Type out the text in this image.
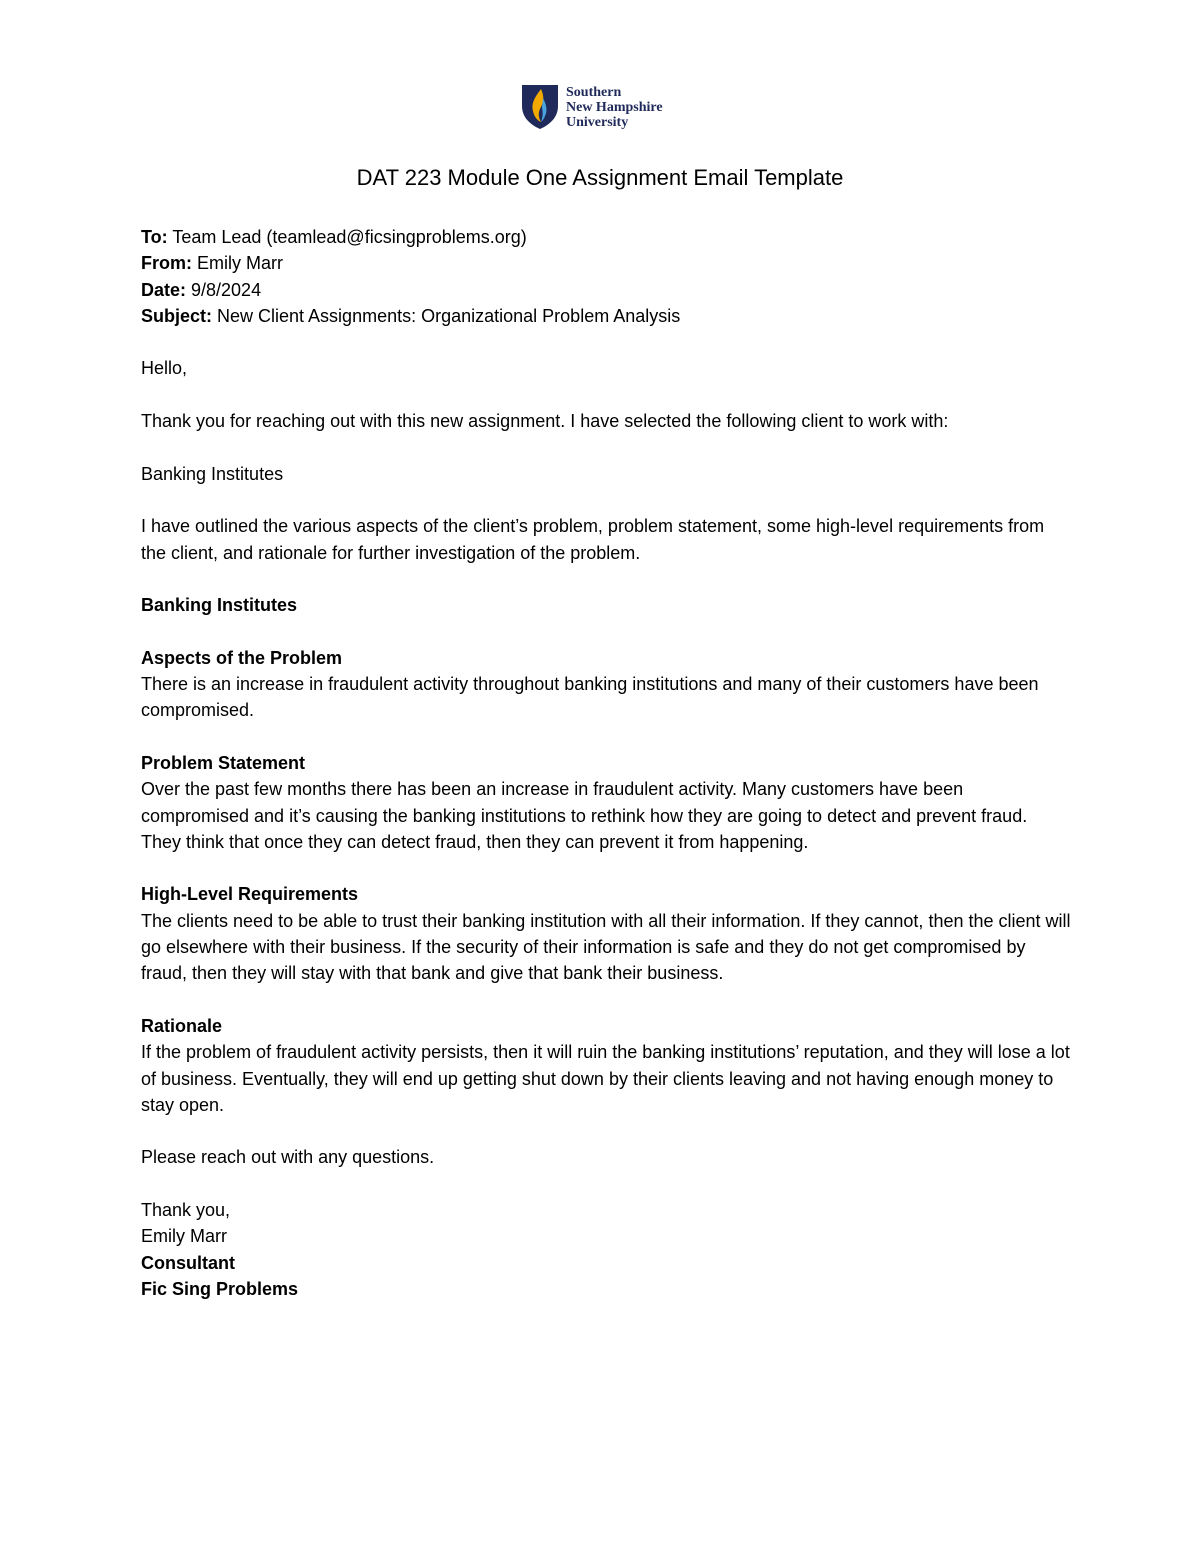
Southern
New Hampshire
University
DAT 223 Module One Assignment Email Template

To: Team Lead (teamlead@ficsingproblems.org)

From: Emily Marr

Date: 9/8/2024

Subject: New Client Assignments: Organizational Problem Analysis

Hello,

Thank you for reaching out with this new assignment. I have selected the following client to work with:

Banking Institutes

I have outlined the various aspects of the client’s problem, problem statement, some high-level requirements from the client, and rationale for further investigation of the problem.

Banking Institutes

Aspects of the Problem

There is an increase in fraudulent activity throughout banking institutions and many of their customers have been compromised.

Problem Statement

Over the past few months there has been an increase in fraudulent activity. Many customers have been compromised and it’s causing the banking institutions to rethink how they are going to detect and prevent fraud. They think that once they can detect fraud, then they can prevent it from happening.

High-Level Requirements

The clients need to be able to trust their banking institution with all their information. If they cannot, then the client will go elsewhere with their business. If the security of their information is safe and they do not get compromised by fraud, then they will stay with that bank and give that bank their business.

Rationale

If the problem of fraudulent activity persists, then it will ruin the banking institutions’ reputation, and they will lose a lot of business. Eventually, they will end up getting shut down by their clients leaving and not having enough money to stay open.

Please reach out with any questions.

Thank you,

Emily Marr

Consultant

Fic Sing Problems
